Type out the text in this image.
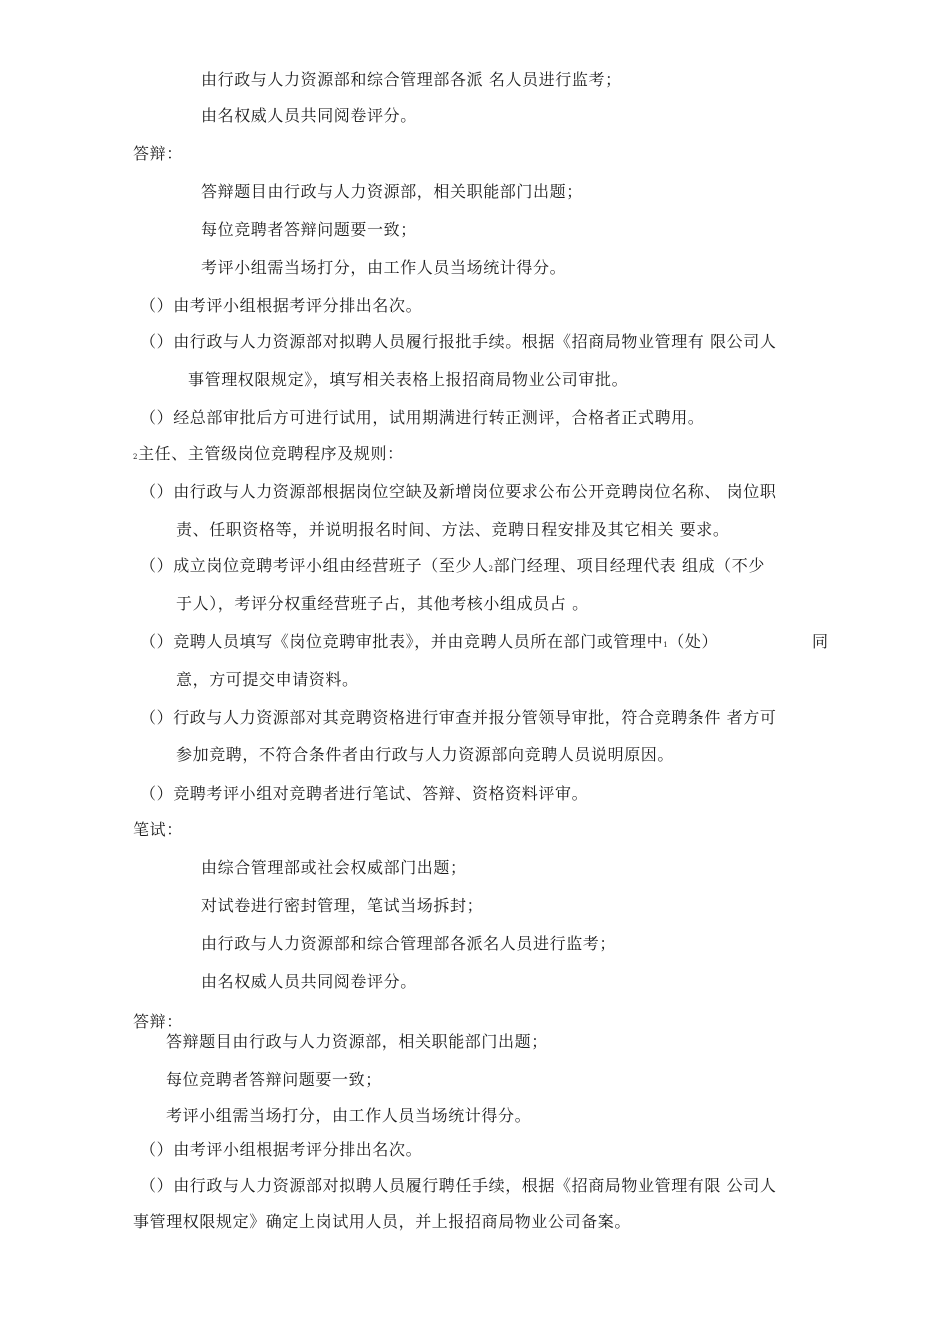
由行政与人力资源部和综合管理部各派 名人员进行监考；
由名权威人员共同阅卷评分。
答辩：
答辩题目由行政与人力资源部，相关职能部门出题；
每位竞聘者答辩问题要一致；
考评小组需当场打分，由工作人员当场统计得分。
（）由考评小组根据考评分排出名次。
（）由行政与人力资源部对拟聘人员履行报批手续。根据《招商局物业管理有 限公司人
事管理权限规定》，填写相关表格上报招商局物业公司审批。
（）经总部审批后方可进行试用，试用期满进行转正测评，合格者正式聘用。
2主任、主管级岗位竞聘程序及规则：
（）由行政与人力资源部根据岗位空缺及新增岗位要求公布公开竞聘岗位名称、 岗位职
责、任职资格等，并说明报名时间、方法、竞聘日程安排及其它相关 要求。
（）成立岗位竞聘考评小组由经营班子（至少人2部门经理、项目经理代表 组成（不少
于人），考评分权重经营班子占，其他考核小组成员占 。
（）竞聘人员填写《岗位竞聘审批表》，并由竞聘人员所在部门或管理中1（处）	同
意，方可提交申请资料。
（）行政与人力资源部对其竞聘资格进行审查并报分管领导审批，符合竞聘条件 者方可
参加竞聘，不符合条件者由行政与人力资源部向竞聘人员说明原因。
（）竞聘考评小组对竞聘者进行笔试、答辩、资格资料评审。
笔试：
由综合管理部或社会权威部门出题；
对试卷进行密封管理，笔试当场拆封；
由行政与人力资源部和综合管理部各派名人员进行监考；
由名权威人员共同阅卷评分。
答辩：
答辩题目由行政与人力资源部，相关职能部门出题；
每位竞聘者答辩问题要一致；
考评小组需当场打分，由工作人员当场统计得分。
（）由考评小组根据考评分排出名次。
（）由行政与人力资源部对拟聘人员履行聘任手续，根据《招商局物业管理有限 公司人
事管理权限规定》确定上岗试用人员，并上报招商局物业公司备案。
